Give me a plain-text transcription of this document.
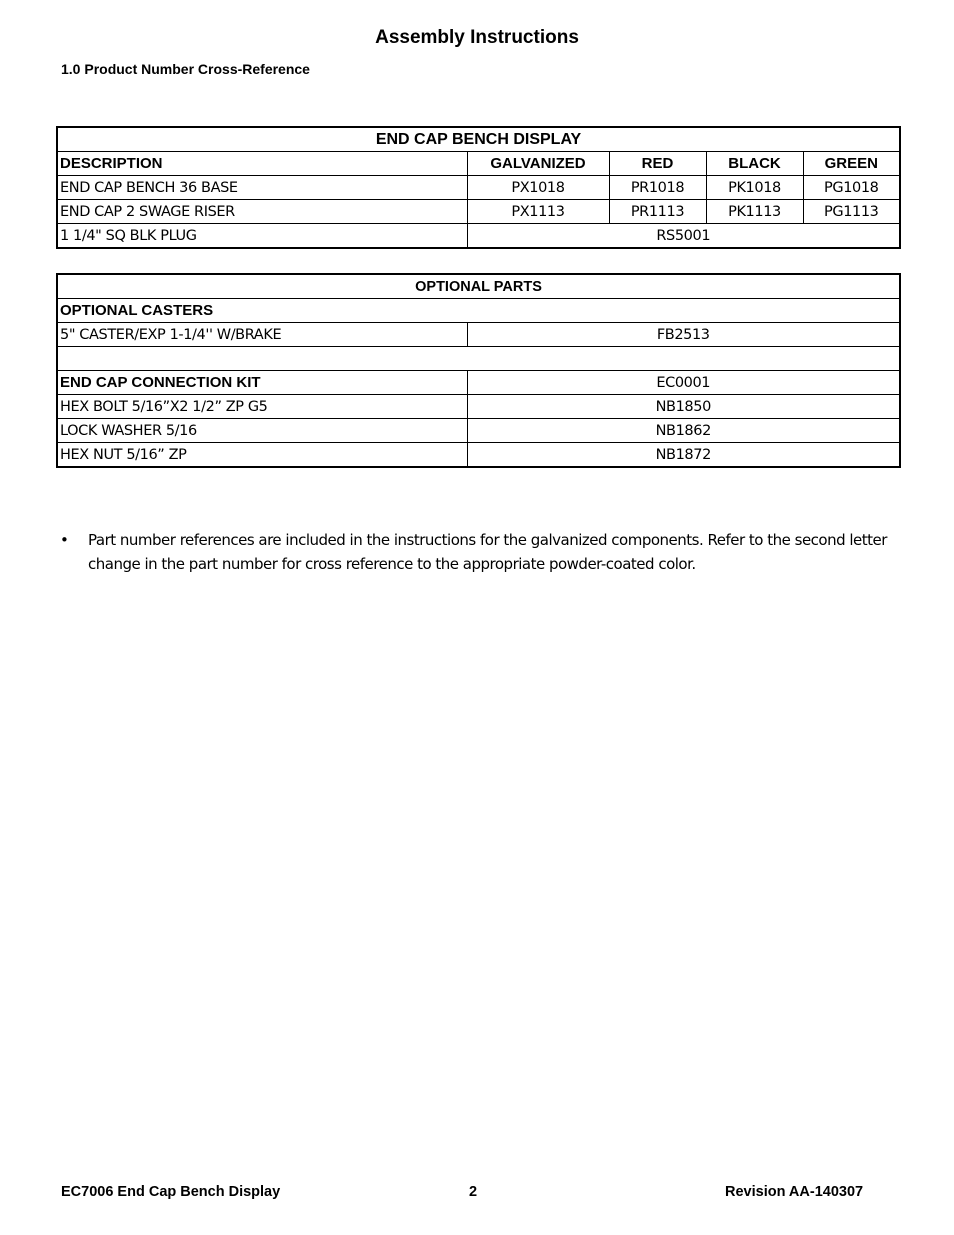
Assembly Instructions
1.0 Product Number Cross-Reference
END CAP BENCH DISPLAY				
DESCRIPTION	GALVANIZED	RED	BLACK	GREEN
END CAP BENCH 36 BASE	PX1018	PR1018	PK1018	PG1018
END CAP 2 SWAGE RISER	PX1113	PR1113	PK1113	PG1113
1 1/4" SQ BLK PLUG	RS5001			
OPTIONAL PARTS	
OPTIONAL CASTERS	
5" CASTER/EXP 1-1/4'' W/BRAKE	FB2513

END CAP CONNECTION KIT	EC0001
HEX BOLT 5/16”X2 1/2” ZP G5	NB1850
LOCK WASHER 5/16	NB1862
HEX NUT 5/16” ZP	NB1872
• Part number references are included in the instructions for the galvanized components. Refer to the second letter change in the part number for cross reference to the appropriate powder-coated color.
EC7006 End Cap Bench Display	2	Revision AA-140307
